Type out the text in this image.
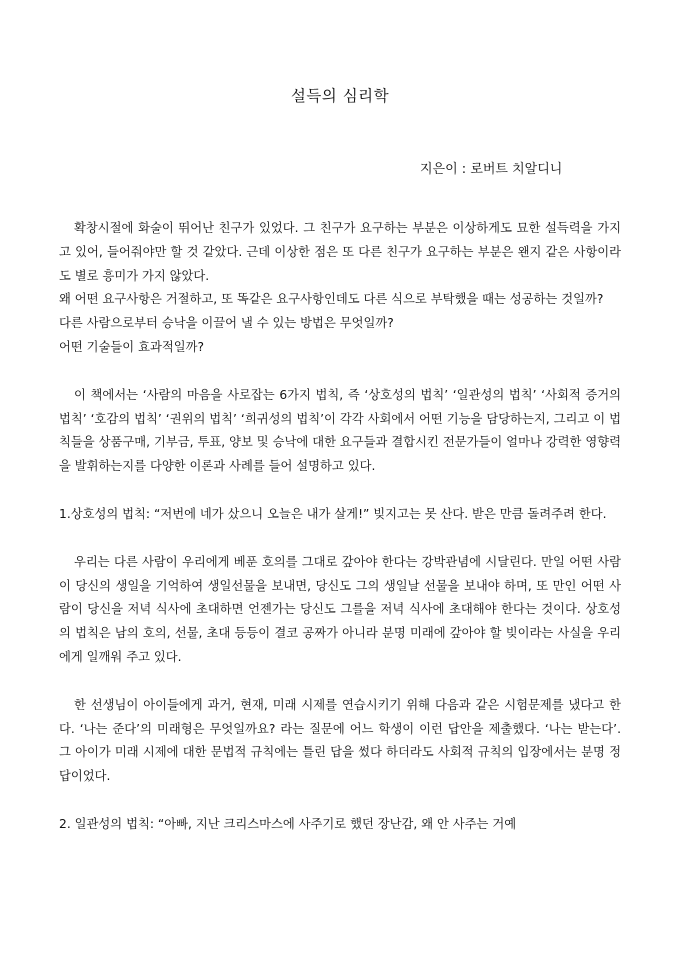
설득의 심리학
지은이 : 로버트 치알디니

확창시절에 화술이 뛰어난 친구가 있었다. 그 친구가 요구하는 부분은 이상하게도 묘한 설득력을 가지고 있어, 들어줘야만 할 것 같았다. 근데 이상한 점은 또 다른 친구가 요구하는 부분은 왠지 같은 사항이라도 별로 흥미가 가지 않았다.

왜 어떤 요구사항은 거절하고, 또 똑같은 요구사항인데도 다른 식으로 부탁했을 때는 성공하는 것일까?

다른 사람으로부터 승낙을 이끌어 낼 수 있는 방법은 무엇일까?

어떤 기술들이 효과적일까?

이 책에서는 ‘사람의 마음을 사로잡는 6가지 법칙, 즉 ‘상호성의 법칙’ ‘일관성의 법칙’ ‘사회적 증거의 법칙’ ‘호감의 법칙’ ‘권위의 법칙’ ‘희귀성의 법칙’이 각각 사회에서 어떤 기능을 담당하는지, 그리고 이 법칙들을 상품구매, 기부금, 투표, 양보 및 승낙에 대한 요구들과 결합시킨 전문가들이 얼마나 강력한 영향력을 발휘하는지를 다양한 이론과 사례를 들어 설명하고 있다.

1.상호성의 법칙: “저번에 네가 샀으니 오늘은 내가 살게!” 빚지고는 못 산다. 받은 만큼 돌려주려 한다.

우리는 다른 사람이 우리에게 베푼 호의를 그대로 갚아야 한다는 강박관념에 시달린다. 만일 어떤 사람이 당신의 생일을 기억하여 생일선물을 보내면, 당신도 그의 생일날 선물을 보내야 하며, 또 만인 어떤 사람이 당신을 저녁 식사에 초대하면 언젠가는 당신도 그를을 저녁 식사에 초대해야 한다는 것이다. 상호성의 법칙은 남의 호의, 선물, 초대 등등이 결코 공짜가 아니라 분명 미래에 갚아야 할 빚이라는 사실을 우리에게 일깨워 주고 있다.

한 선생님이 아이들에게 과거, 현재, 미래 시제를 연습시키기 위해 다음과 같은 시험문제를 냈다고 한다. ‘나는 준다’의 미래형은 무엇일까요? 라는 질문에 어느 학생이 이런 답안을 제출했다. ‘나는 받는다’. 그 아이가 미래 시제에 대한 문법적 규칙에는 틀린 답을 썼다 하더라도 사회적 규칙의 입장에서는 분명 정답이었다.

2. 일관성의 법칙: “아빠, 지난 크리스마스에 사주기로 했던 장난감, 왜 안 사주는 거예
